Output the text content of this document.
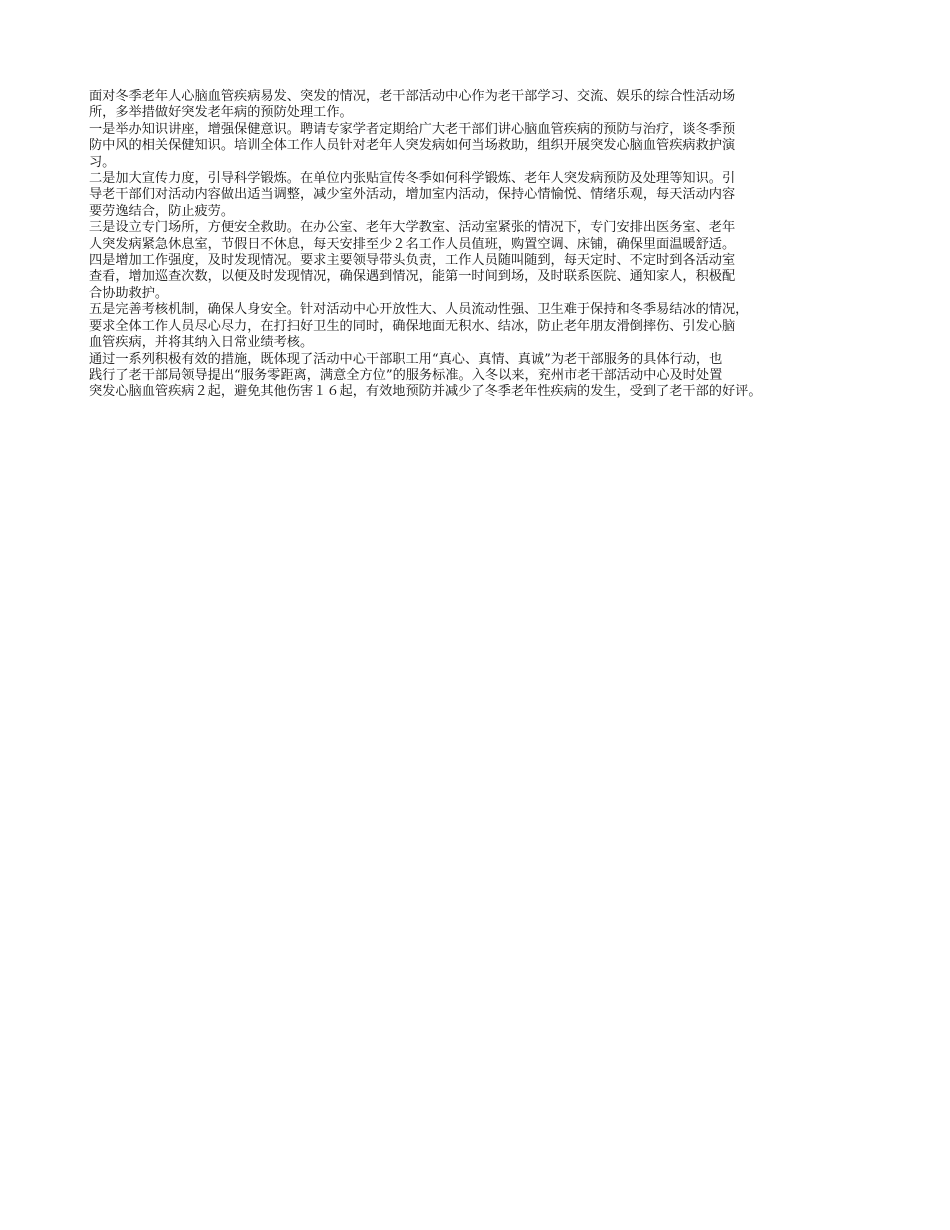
面对冬季老年人心脑血管疾病易发、突发的情况，老干部活动中心作为老干部学习、交流、娱乐的综合性活动场
所，多举措做好突发老年病的预防处理工作。
一是举办知识讲座，增强保健意识。聘请专家学者定期给广大老干部们讲心脑血管疾病的预防与治疗，谈冬季预
防中风的相关保健知识。培训全体工作人员针对老年人突发病如何当场救助，组织开展突发心脑血管疾病救护演
习。
二是加大宣传力度，引导科学锻炼。在单位内张贴宣传冬季如何科学锻炼、老年人突发病预防及处理等知识。引
导老干部们对活动内容做出适当调整，减少室外活动，增加室内活动，保持心情愉悦、情绪乐观，每天活动内容
要劳逸结合，防止疲劳。
三是设立专门场所，方便安全救助。在办公室、老年大学教室、活动室紧张的情况下，专门安排出医务室、老年
人突发病紧急休息室，节假日不休息，每天安排至少２名工作人员值班，购置空调、床铺，确保里面温暖舒适。
四是增加工作强度，及时发现情况。要求主要领导带头负责，工作人员随叫随到，每天定时、不定时到各活动室
查看，增加巡查次数，以便及时发现情况，确保遇到情况，能第一时间到场，及时联系医院、通知家人，积极配
合协助救护。
五是完善考核机制，确保人身安全。针对活动中心开放性大、人员流动性强、卫生难于保持和冬季易结冰的情况，
要求全体工作人员尽心尽力，在打扫好卫生的同时，确保地面无积水、结冰，防止老年朋友滑倒摔伤、引发心脑
血管疾病，并将其纳入日常业绩考核。
通过一系列积极有效的措施，既体现了活动中心干部职工用“真心、真情、真诚”为老干部服务的具体行动，也
践行了老干部局领导提出“服务零距离，满意全方位”的服务标准。入冬以来，兖州市老干部活动中心及时处置
突发心脑血管疾病２起，避免其他伤害１６起，有效地预防并减少了冬季老年性疾病的发生，受到了老干部的好评。
